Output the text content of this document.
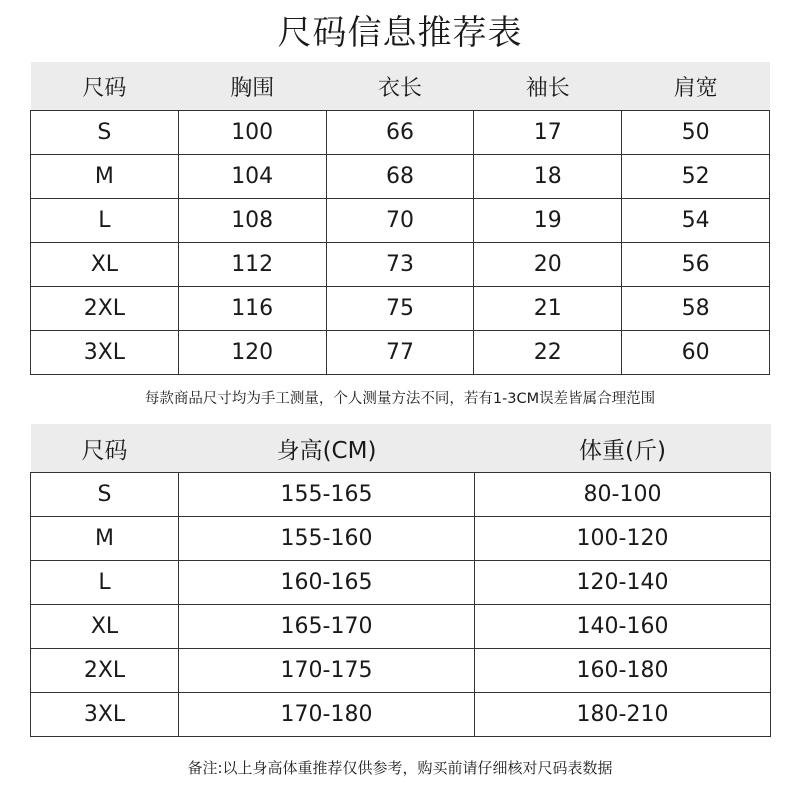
尺码信息推荐表
尺码	胸围	衣长	袖长	肩宽
S	100	66	17	50
M	104	68	18	52
L	108	70	19	54
XL	112	73	20	56
2XL	116	75	21	58
3XL	120	77	22	60
每款商品尺寸均为手工测量，个人测量方法不同，若有1-3CM误差皆属合理范围
尺码	身高(CM)	体重(斤)
S	155-165	80-100
M	155-160	100-120
L	160-165	120-140
XL	165-170	140-160
2XL	170-175	160-180
3XL	170-180	180-210
备注:以上身高体重推荐仅供参考，购买前请仔细核对尺码表数据
